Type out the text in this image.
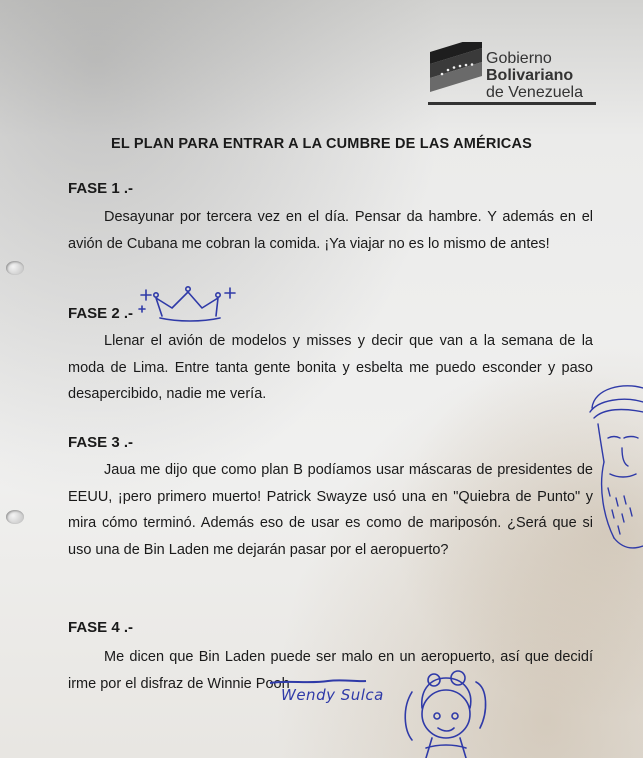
Gobierno
Bolivariano
de Venezuela
EL PLAN PARA ENTRAR A LA CUMBRE DE LAS AMÉRICAS
FASE 1 .-
Desayunar por tercera vez en el día. Pensar da hambre. Y además en el avión de Cubana me cobran la comida. ¡Ya viajar no es lo mismo de antes!
FASE 2 .-
Llenar el avión de modelos y misses y decir que van a la semana de la moda de Lima. Entre tanta gente bonita y esbelta me puedo esconder y paso desapercibido, nadie me vería.
FASE 3 .-
Jaua me dijo que como plan B podíamos usar máscaras de presidentes de EEUU, ¡pero primero muerto! Patrick Swayze usó una en "Quiebra de Punto" y mira cómo terminó. Además eso de usar es como de mariposón. ¿Será que si uso una de Bin Laden me dejarán pasar por el aeropuerto?
FASE 4 .-
Me dicen que Bin Laden puede ser malo en un aeropuerto, así que decidí irme por el disfraz de Winnie Pooh
Wendy Sulca
